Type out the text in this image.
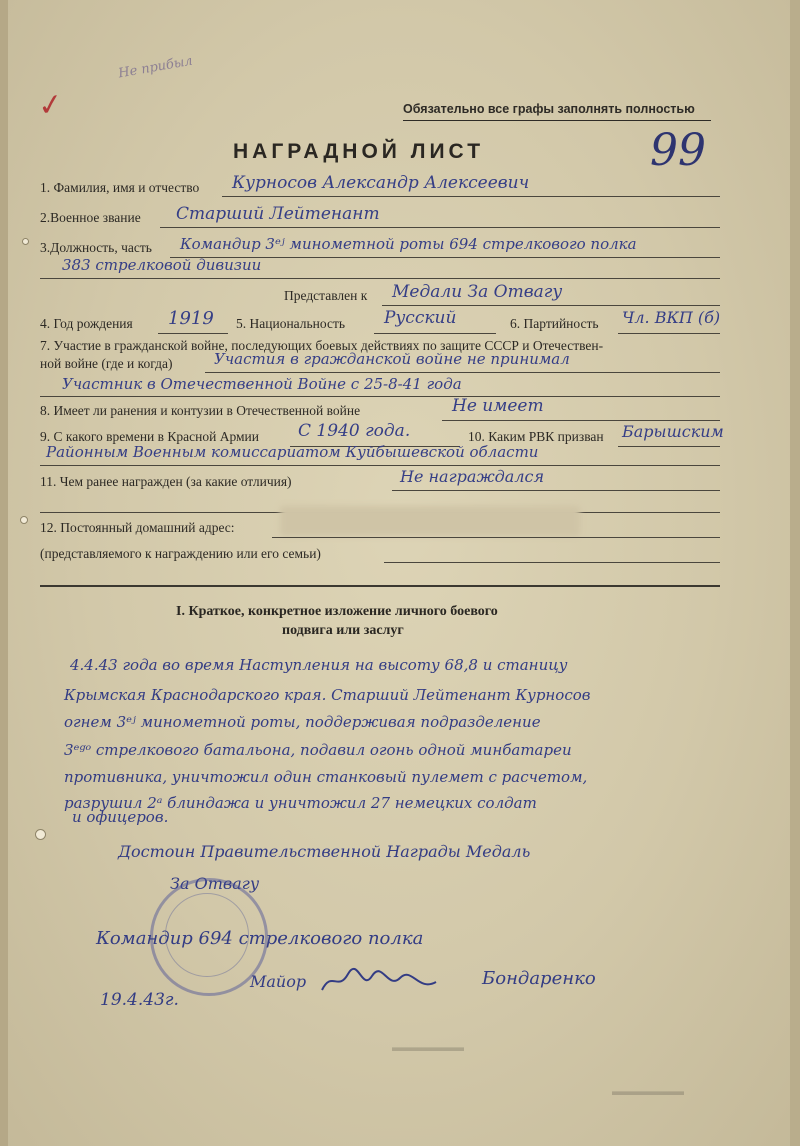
Не прибыл
✓	Обязательно все графы заполнять полностью
НАГРАДНОЙ ЛИСТ	99
1. Фамилия, имя и отчество Курносов Александр Алексеевич
2.Военное звание Старший Лейтенант
3.Должность, часть Командир 3ᵉʲ минометной роты 694 стрелкового полка
383 стрелковой дивизии
Представлен к Медали За Отвагу
4. Год рождения 1919 5. Национальность Русский	6. Партийность Чл. ВКП (б)
7. Участие в гражданской войне, последующих боевых действиях по защите СССР и Отечествен-
ной войне (где и когда)	Участия в гражданской войне не принимал
Участник в Отечественной Войне с 25-8-41 года
8. Имеет ли ранения и контузии в Отечественной войне	Не имеет
9. С какого времени в Красной Армии С 1940 года.	10. Каким РВК призван Барышским
Районным Военным комиссариатом Куйбышевской области
11. Чем ранее награжден (за какие отличия)	Не награждался
12. Постоянный домашний адрес:
(представляемого к награждению или его семьи)
I. Краткое, конкретное изложение личного боевого
подвига или заслуг
4.4.43 года во время Наступления на высоту 68,8 и станицу
Крымская Краснодарского края. Старший Лейтенант Курносов
огнем 3ᵉʲ минометной роты, поддерживая подразделение
3ᵉᵍᵒ стрелкового батальона, подавил огонь одной минбатареи
противника, уничтожил один станковый пулемет с расчетом,
разрушил 2ᵃ блиндажа и уничтожил 27 немецких солдат
и офицеров.
Достоин Правительственной Награды Медаль
За Отвагу
Командир 694 стрелкового полка
Майор	Бондаренко
19.4.43г.
▬▬▬▬▬▬
▬▬▬▬▬▬
